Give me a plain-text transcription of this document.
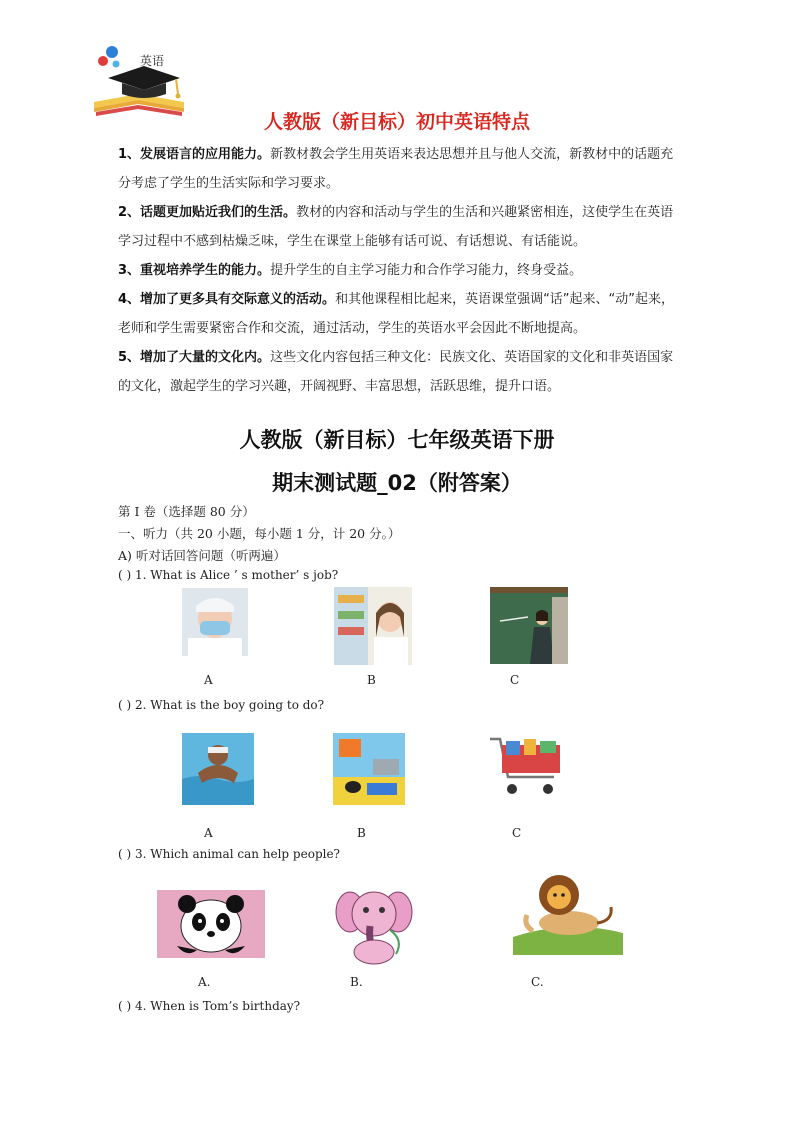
英语
人教版（新目标）初中英语特点

1、发展语言的应用能力。新教材教会学生用英语来表达思想并且与他人交流，新教材中的话题充分考虑了学生的生活实际和学习要求。

2、话题更加贴近我们的生活。教材的内容和活动与学生的生活和兴趣紧密相连，这使学生在英语学习过程中不感到枯燥乏味，学生在课堂上能够有话可说、有话想说、有话能说。

3、重视培养学生的能力。提升学生的自主学习能力和合作学习能力，终身受益。

4、增加了更多具有交际意义的活动。和其他课程相比起来，英语课堂强调“话”起来、“动”起来，老师和学生需要紧密合作和交流，通过活动，学生的英语水平会因此不断地提高。

5、增加了大量的文化内。这些文化内容包括三种文化：民族文化、英语国家的文化和非英语国家的文化，激起学生的学习兴趣，开阔视野、丰富思想，活跃思维，提升口语。

人教版（新目标）七年级英语下册
期末测试题_02（附答案）
第 I 卷（选择题 80 分）
一、听力（共 20 小题，每小题 1 分，计 20 分。）
A) 听对话回答问题（听两遍）
( ) 1. What is Alice ’ s mother’ s job?
A	B	C
( ) 2. What is the boy going to do?
A	B	C
( ) 3. Which animal can help people?
A.	B.	C.
( ) 4. When is Tom’s birthday?
